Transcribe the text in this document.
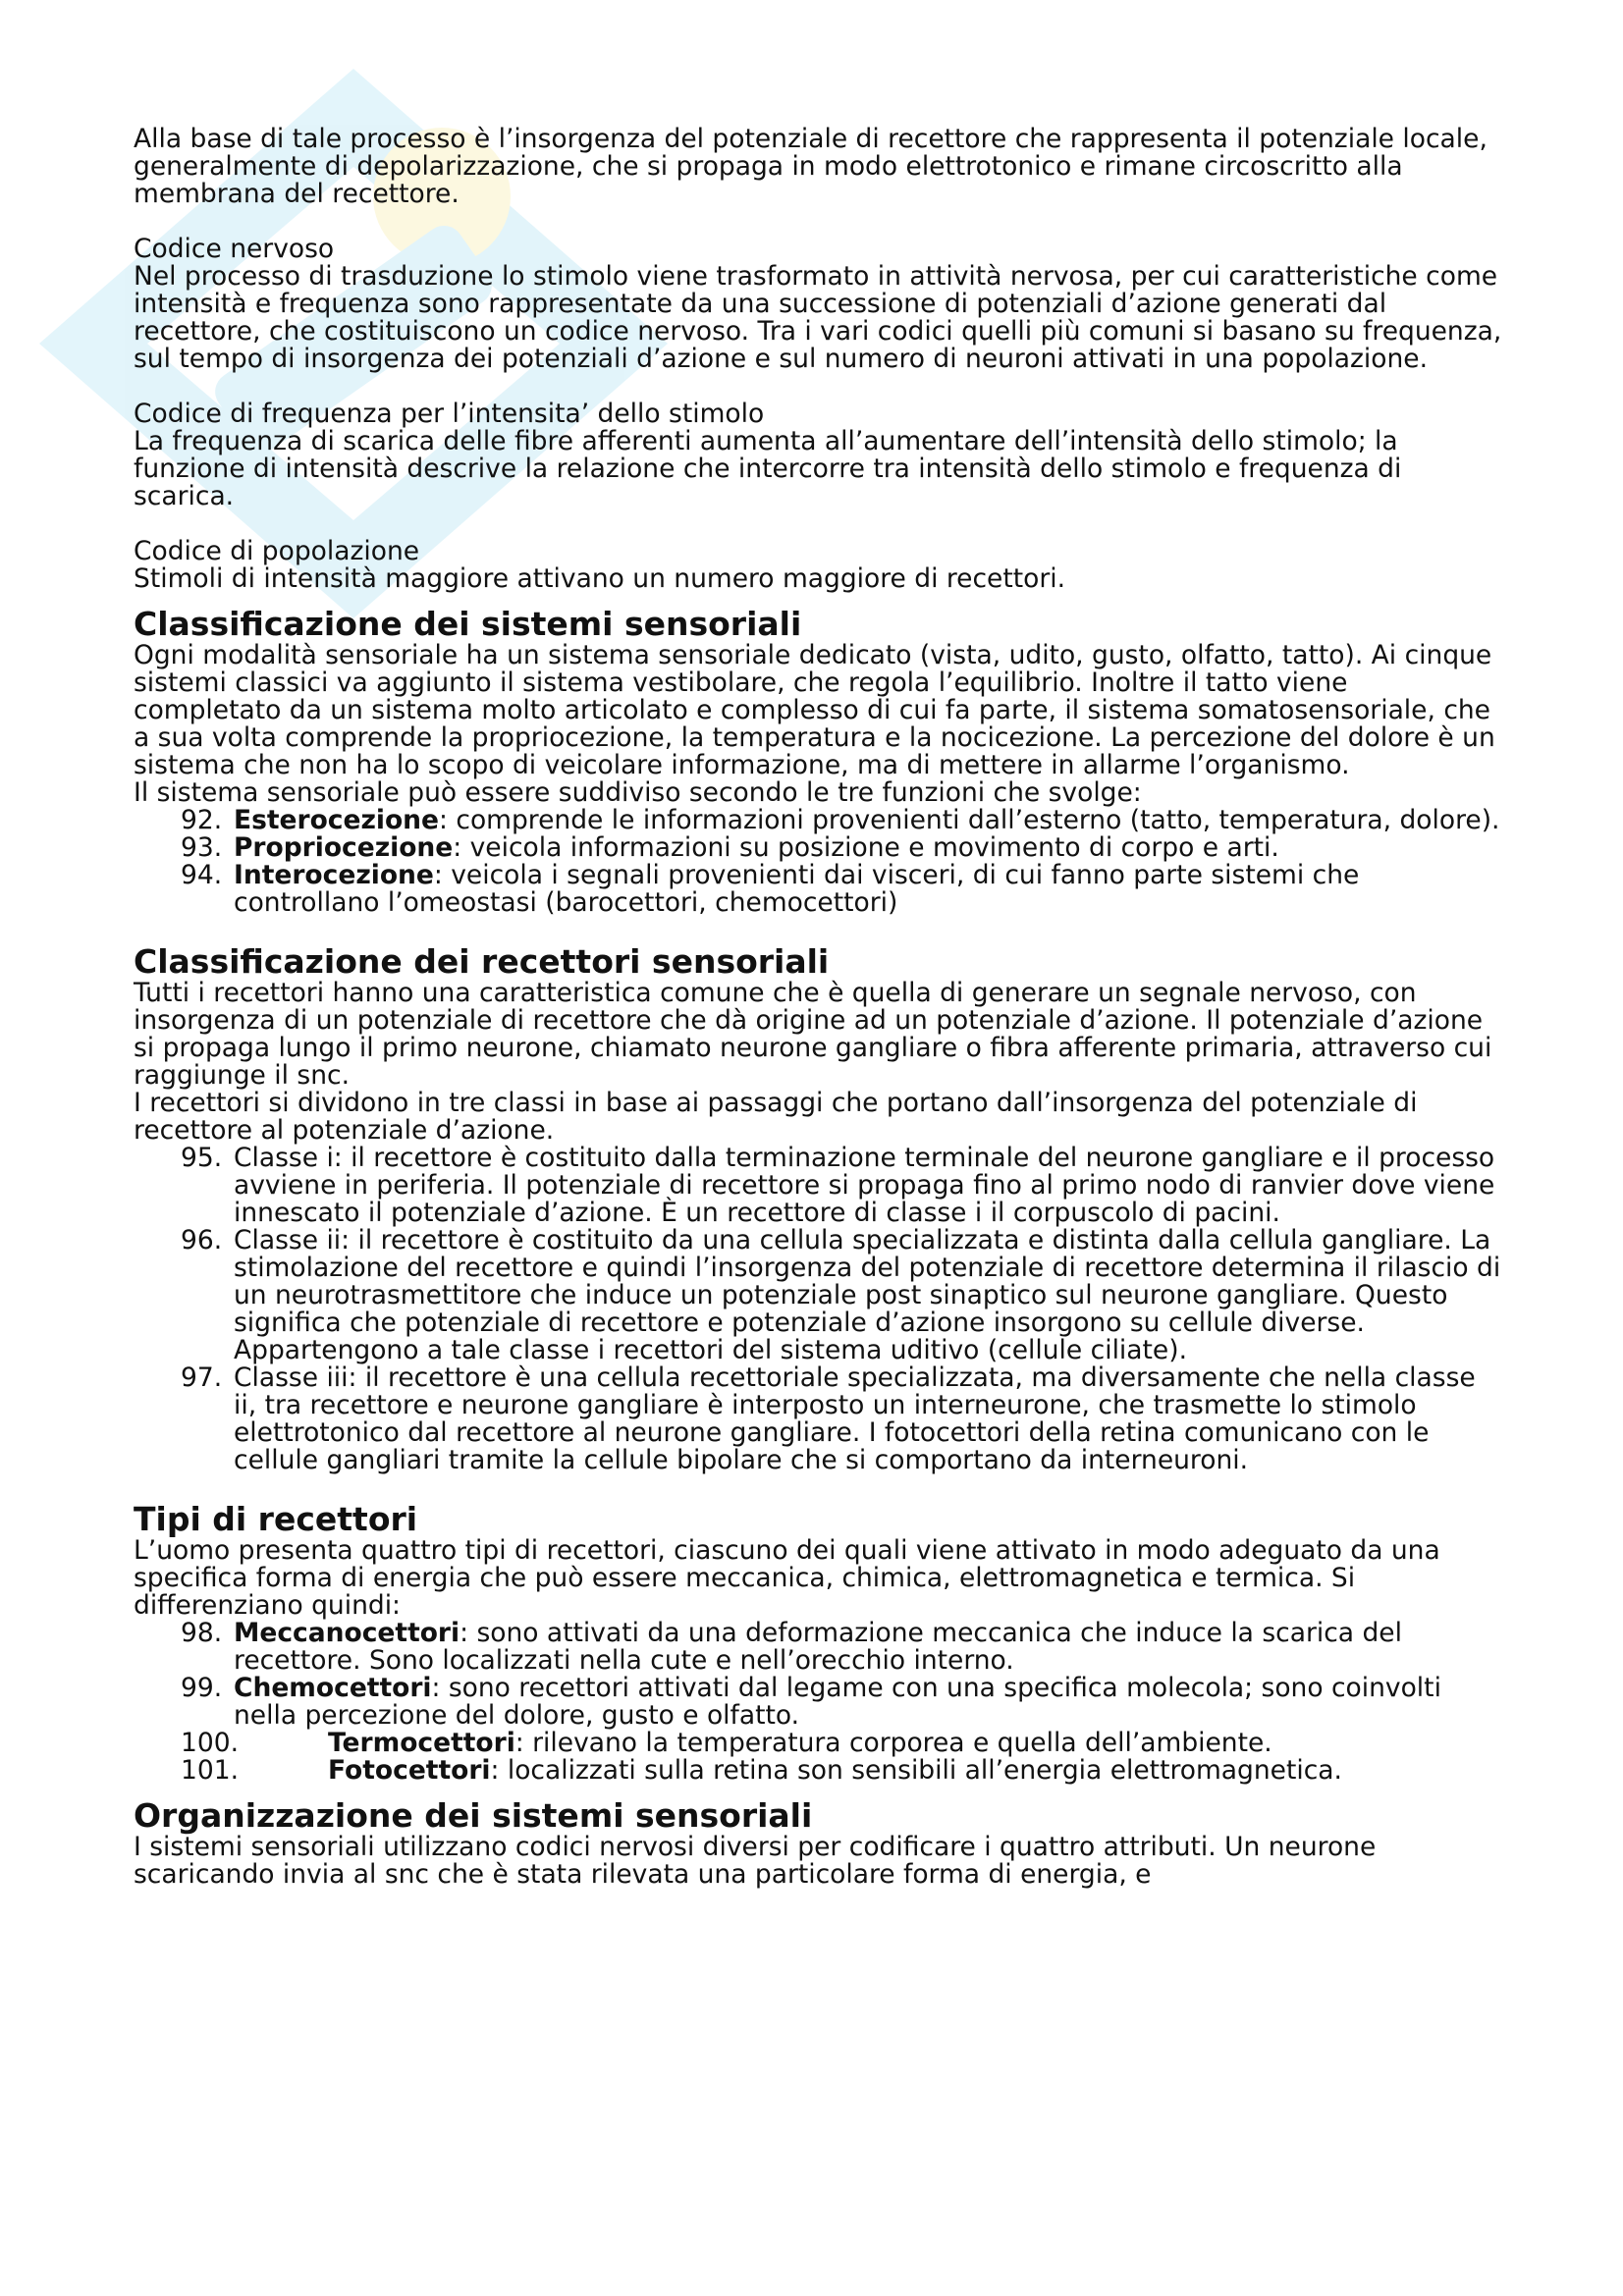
Alla base di tale processo è l’insorgenza del potenziale di recettore che rappresenta il potenziale locale, generalmente di depolarizzazione, che si propaga in modo elettrotonico e rimane circoscritto alla membrana del recettore.

Codice nervoso

Nel processo di trasduzione lo stimolo viene trasformato in attività nervosa, per cui caratteristiche come intensità e frequenza sono rappresentate da una successione di potenziali d’azione generati dal recettore, che costituiscono un codice nervoso. Tra i vari codici quelli più comuni si basano su frequenza, sul tempo di insorgenza dei potenziali d’azione e sul numero di neuroni attivati in una popolazione.

Codice di frequenza per l’intensita’ dello stimolo

La frequenza di scarica delle fibre afferenti aumenta all’aumentare dell’intensità dello stimolo; la funzione di intensità descrive la relazione che intercorre tra intensità dello stimolo e frequenza di scarica.

Codice di popolazione

Stimoli di intensità maggiore attivano un numero maggiore di recettori.

Classificazione dei sistemi sensoriali

Ogni modalità sensoriale ha un sistema sensoriale dedicato (vista, udito, gusto, olfatto, tatto). Ai cinque sistemi classici va aggiunto il sistema vestibolare, che regola l’equilibrio. Inoltre il tatto viene completato da un sistema molto articolato e complesso di cui fa parte, il sistema somatosensoriale, che a sua volta comprende la propriocezione, la temperatura e la nocicezione. La percezione del dolore è un sistema che non ha lo scopo di veicolare informazione, ma di mettere in allarme l’organismo.

Il sistema sensoriale può essere suddiviso secondo le tre funzioni che svolge:

92. Esterocezione: comprende le informazioni provenienti dall’esterno (tatto, temperatura, dolore).
93. Propriocezione: veicola informazioni su posizione e movimento di corpo e arti.
94. Interocezione: veicola i segnali provenienti dai visceri, di cui fanno parte sistemi che controllano l’omeostasi (barocettori, chemocettori)
Classificazione dei recettori sensoriali

Tutti i recettori hanno una caratteristica comune che è quella di generare un segnale nervoso, con insorgenza di un potenziale di recettore che dà origine ad un potenziale d’azione. Il potenziale d’azione si propaga lungo il primo neurone, chiamato neurone gangliare o fibra afferente primaria, attraverso cui raggiunge il snc.

I recettori si dividono in tre classi in base ai passaggi che portano dall’insorgenza del potenziale di recettore al potenziale d’azione.

95. Classe i: il recettore è costituito dalla terminazione terminale del neurone gangliare e il processo avviene in periferia. Il potenziale di recettore si propaga fino al primo nodo di ranvier dove viene innescato il potenziale d’azione. È un recettore di classe i il corpuscolo di pacini.
96. Classe ii: il recettore è costituito da una cellula specializzata e distinta dalla cellula gangliare. La stimolazione del recettore e quindi l’insorgenza del potenziale di recettore determina il rilascio di un neurotrasmettitore che induce un potenziale post sinaptico sul neurone gangliare. Questo significa che potenziale di recettore e potenziale d’azione insorgono su cellule diverse. Appartengono a tale classe i recettori del sistema uditivo (cellule ciliate).
97. Classe iii: il recettore è una cellula recettoriale specializzata, ma diversamente che nella classe ii, tra recettore e neurone gangliare è interposto un interneurone, che trasmette lo stimolo elettrotonico dal recettore al neurone gangliare. I fotocettori della retina comunicano con le cellule gangliari tramite la cellule bipolare che si comportano da interneuroni.
Tipi di recettori

L’uomo presenta quattro tipi di recettori, ciascuno dei quali viene attivato in modo adeguato da una specifica forma di energia che può essere meccanica, chimica, elettromagnetica e termica. Si differenziano quindi:

98. Meccanocettori: sono attivati da una deformazione meccanica che induce la scarica del recettore. Sono localizzati nella cute e nell’orecchio interno.
99. Chemocettori: sono recettori attivati dal legame con una specifica molecola; sono coinvolti nella percezione del dolore, gusto e olfatto.
100.	Termocettori: rilevano la temperatura corporea e quella dell’ambiente.
101.	Fotocettori: localizzati sulla retina son sensibili all’energia elettromagnetica.
Organizzazione dei sistemi sensoriali

I sistemi sensoriali utilizzano codici nervosi diversi per codificare i quattro attributi. Un neurone scaricando invia al snc che è stata rilevata una particolare forma di energia, e
